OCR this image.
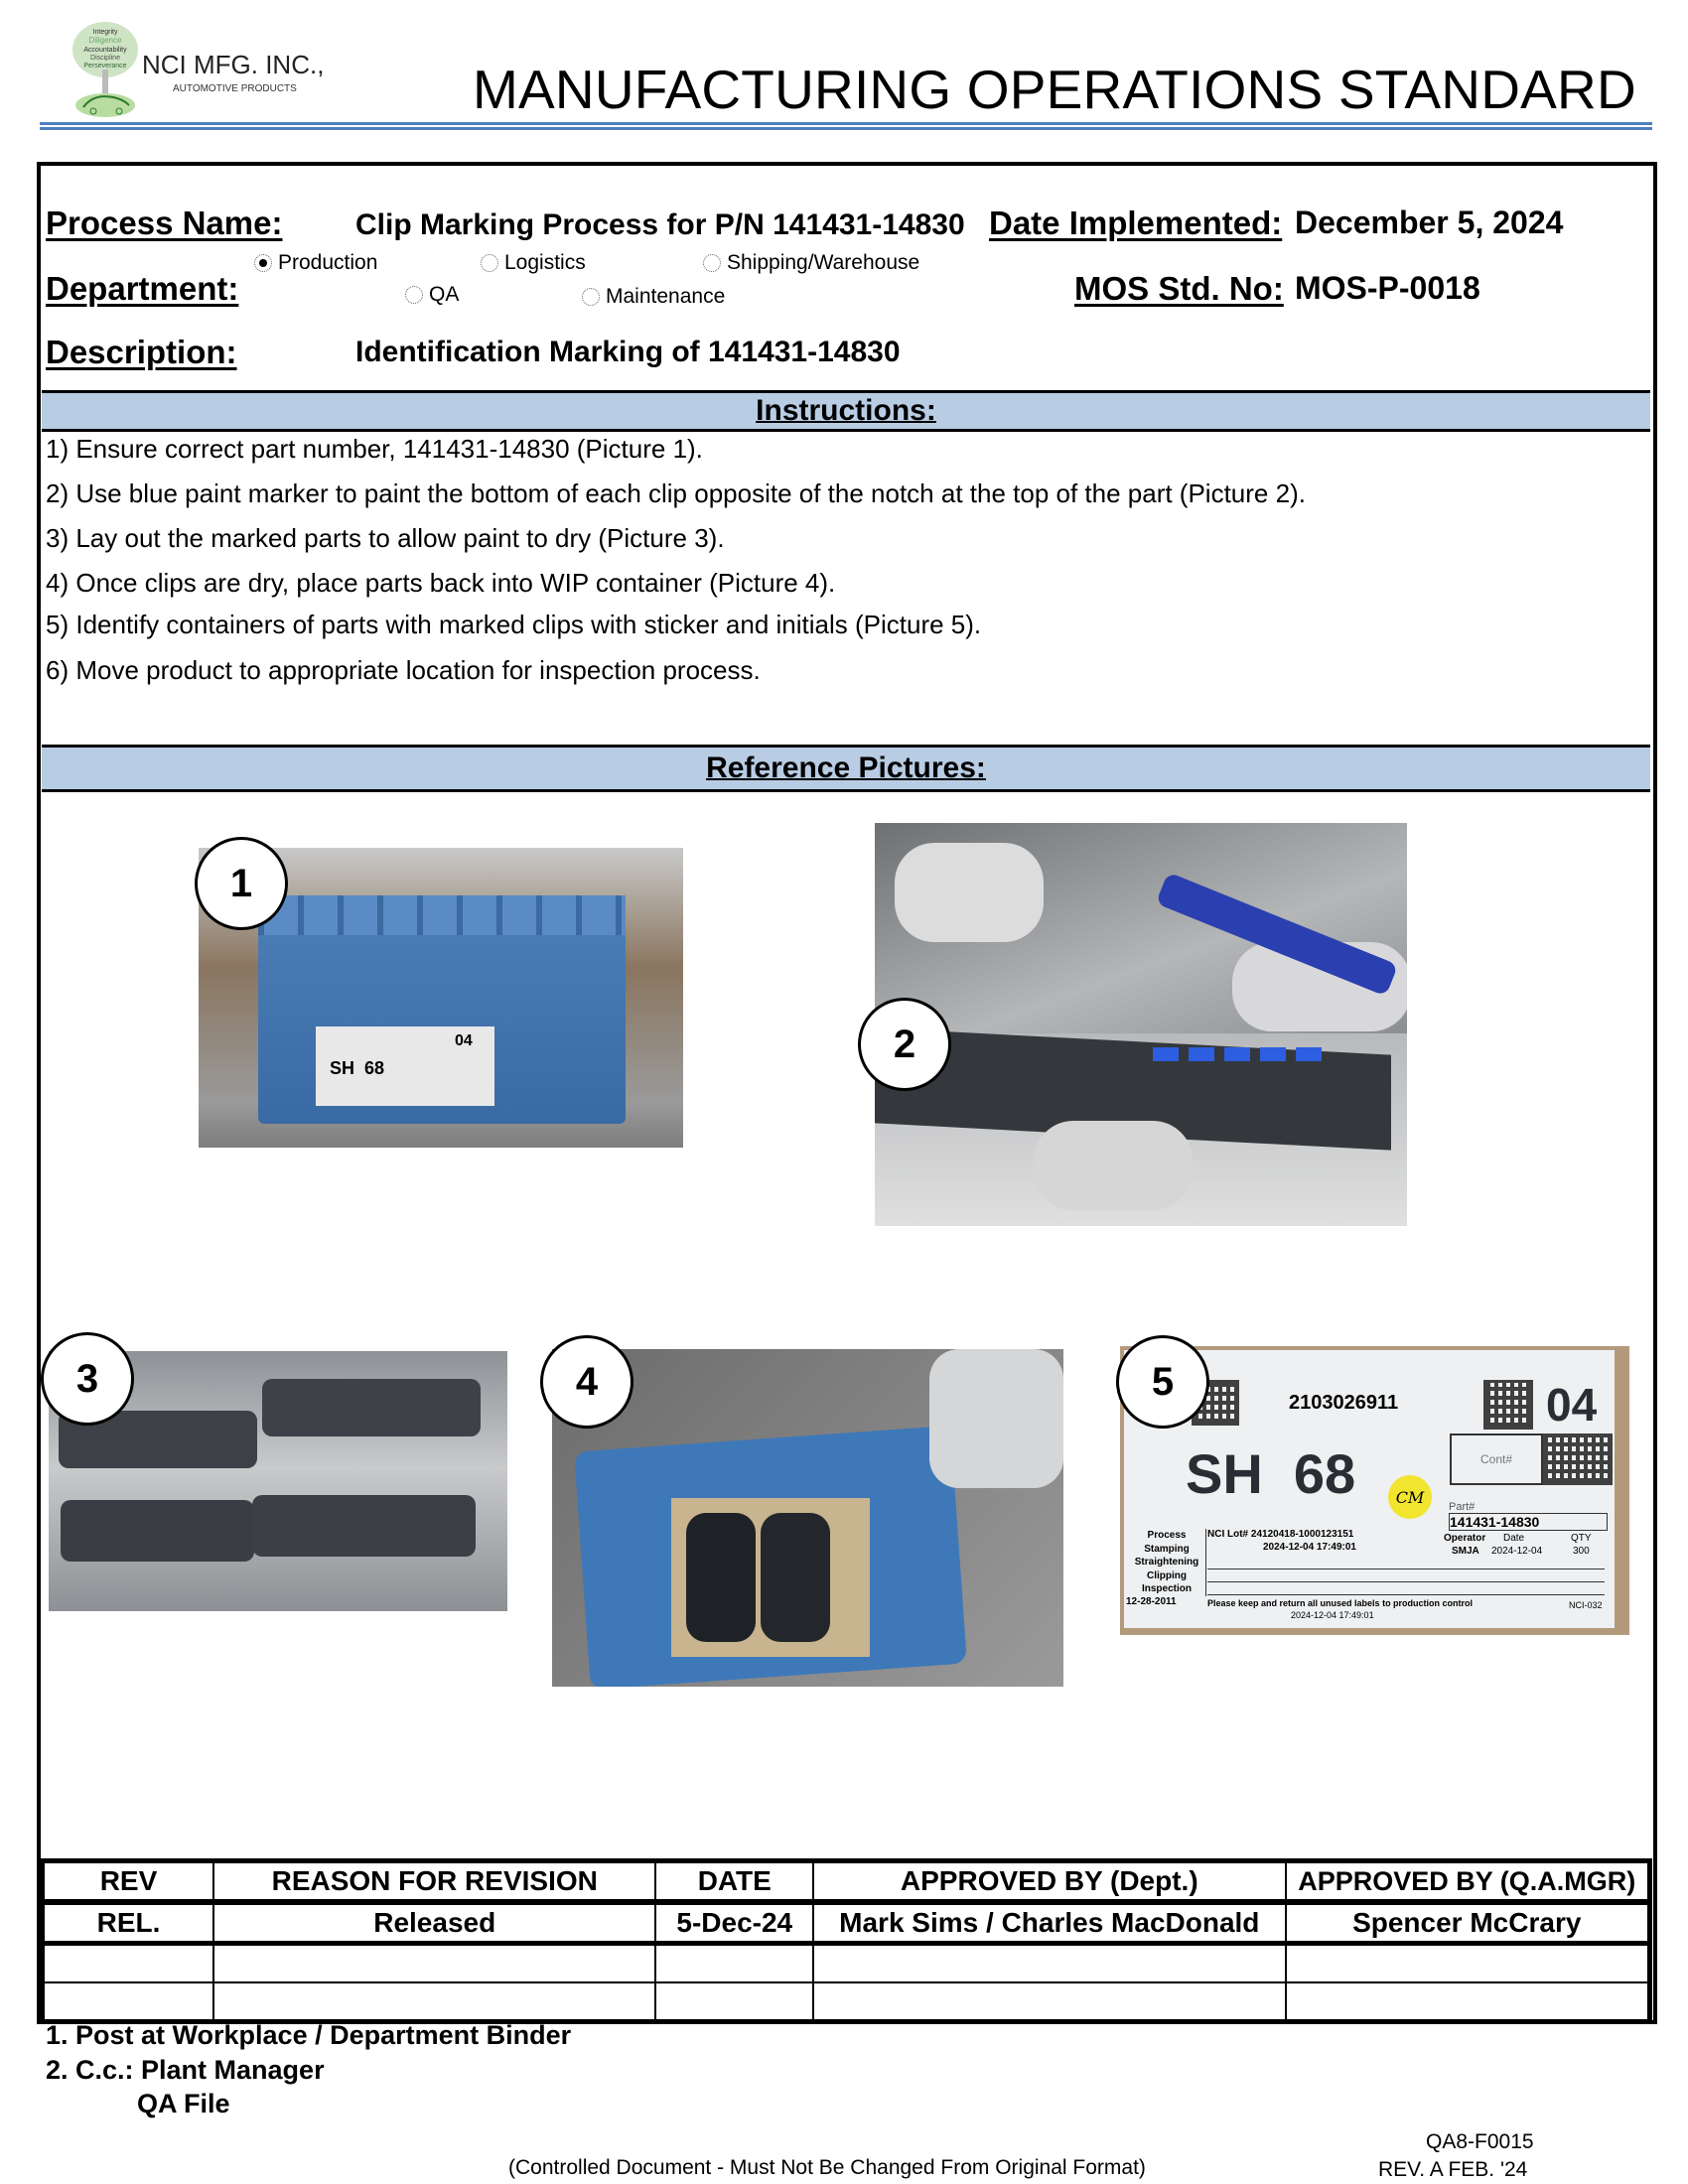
Integrity
Diligence
Accountability
Discipline
Perseverance NCI MFG. INC.,
AUTOMOTIVE PRODUCTS	MANUFACTURING OPERATIONS STANDARD
Process Name: Clip Marking Process for P/N 141431-14830 Date Implemented: December 5, 2024
Department:
Production	Logistics	Shipping/Warehouse
QA	Maintenance	MOS Std. No: MOS-P-0018
Description:	Identification Marking of 141431-14830
Instructions:
1) Ensure correct part number, 141431-14830 (Picture 1).
2) Use blue paint marker to paint the bottom of each clip opposite of the notch at the top of the part (Picture 2).
3) Lay out the marked parts to allow paint to dry (Picture 3).
4) Once clips are dry, place parts back into WIP container (Picture 4).
5) Identify containers of parts with marked clips with sticker and initials (Picture 5).
6) Move product to appropriate location for inspection process.
Reference Pictures:
SH  68
04
1
2
3	4	2103026911	04
Cont#
SH  68	CM
Part#
141431-14830
Process
Stamping
Straightening
Clipping
Inspection
NCI Lot# 24120418-1000123151
2024-12-04 17:49:01
Operator Date	QTY
SMJA 2024-12-04	300
12-28-2011	Please keep and return all unused labels to production control	NCI-032
2024-12-04 17:49:01
5
REV	REASON FOR REVISION	DATE	APPROVED BY (Dept.)	APPROVED BY (Q.A.MGR)
REL.	Released	5-Dec-24	Mark Sims / Charles MacDonald	Spencer McCrary

1. Post at Workplace / Department Binder
2. C.c.: Plant Manager
QA File
(Controlled Document - Must Not Be Changed From Original Format)
QA8-F0015
REV. A FEB. '24
